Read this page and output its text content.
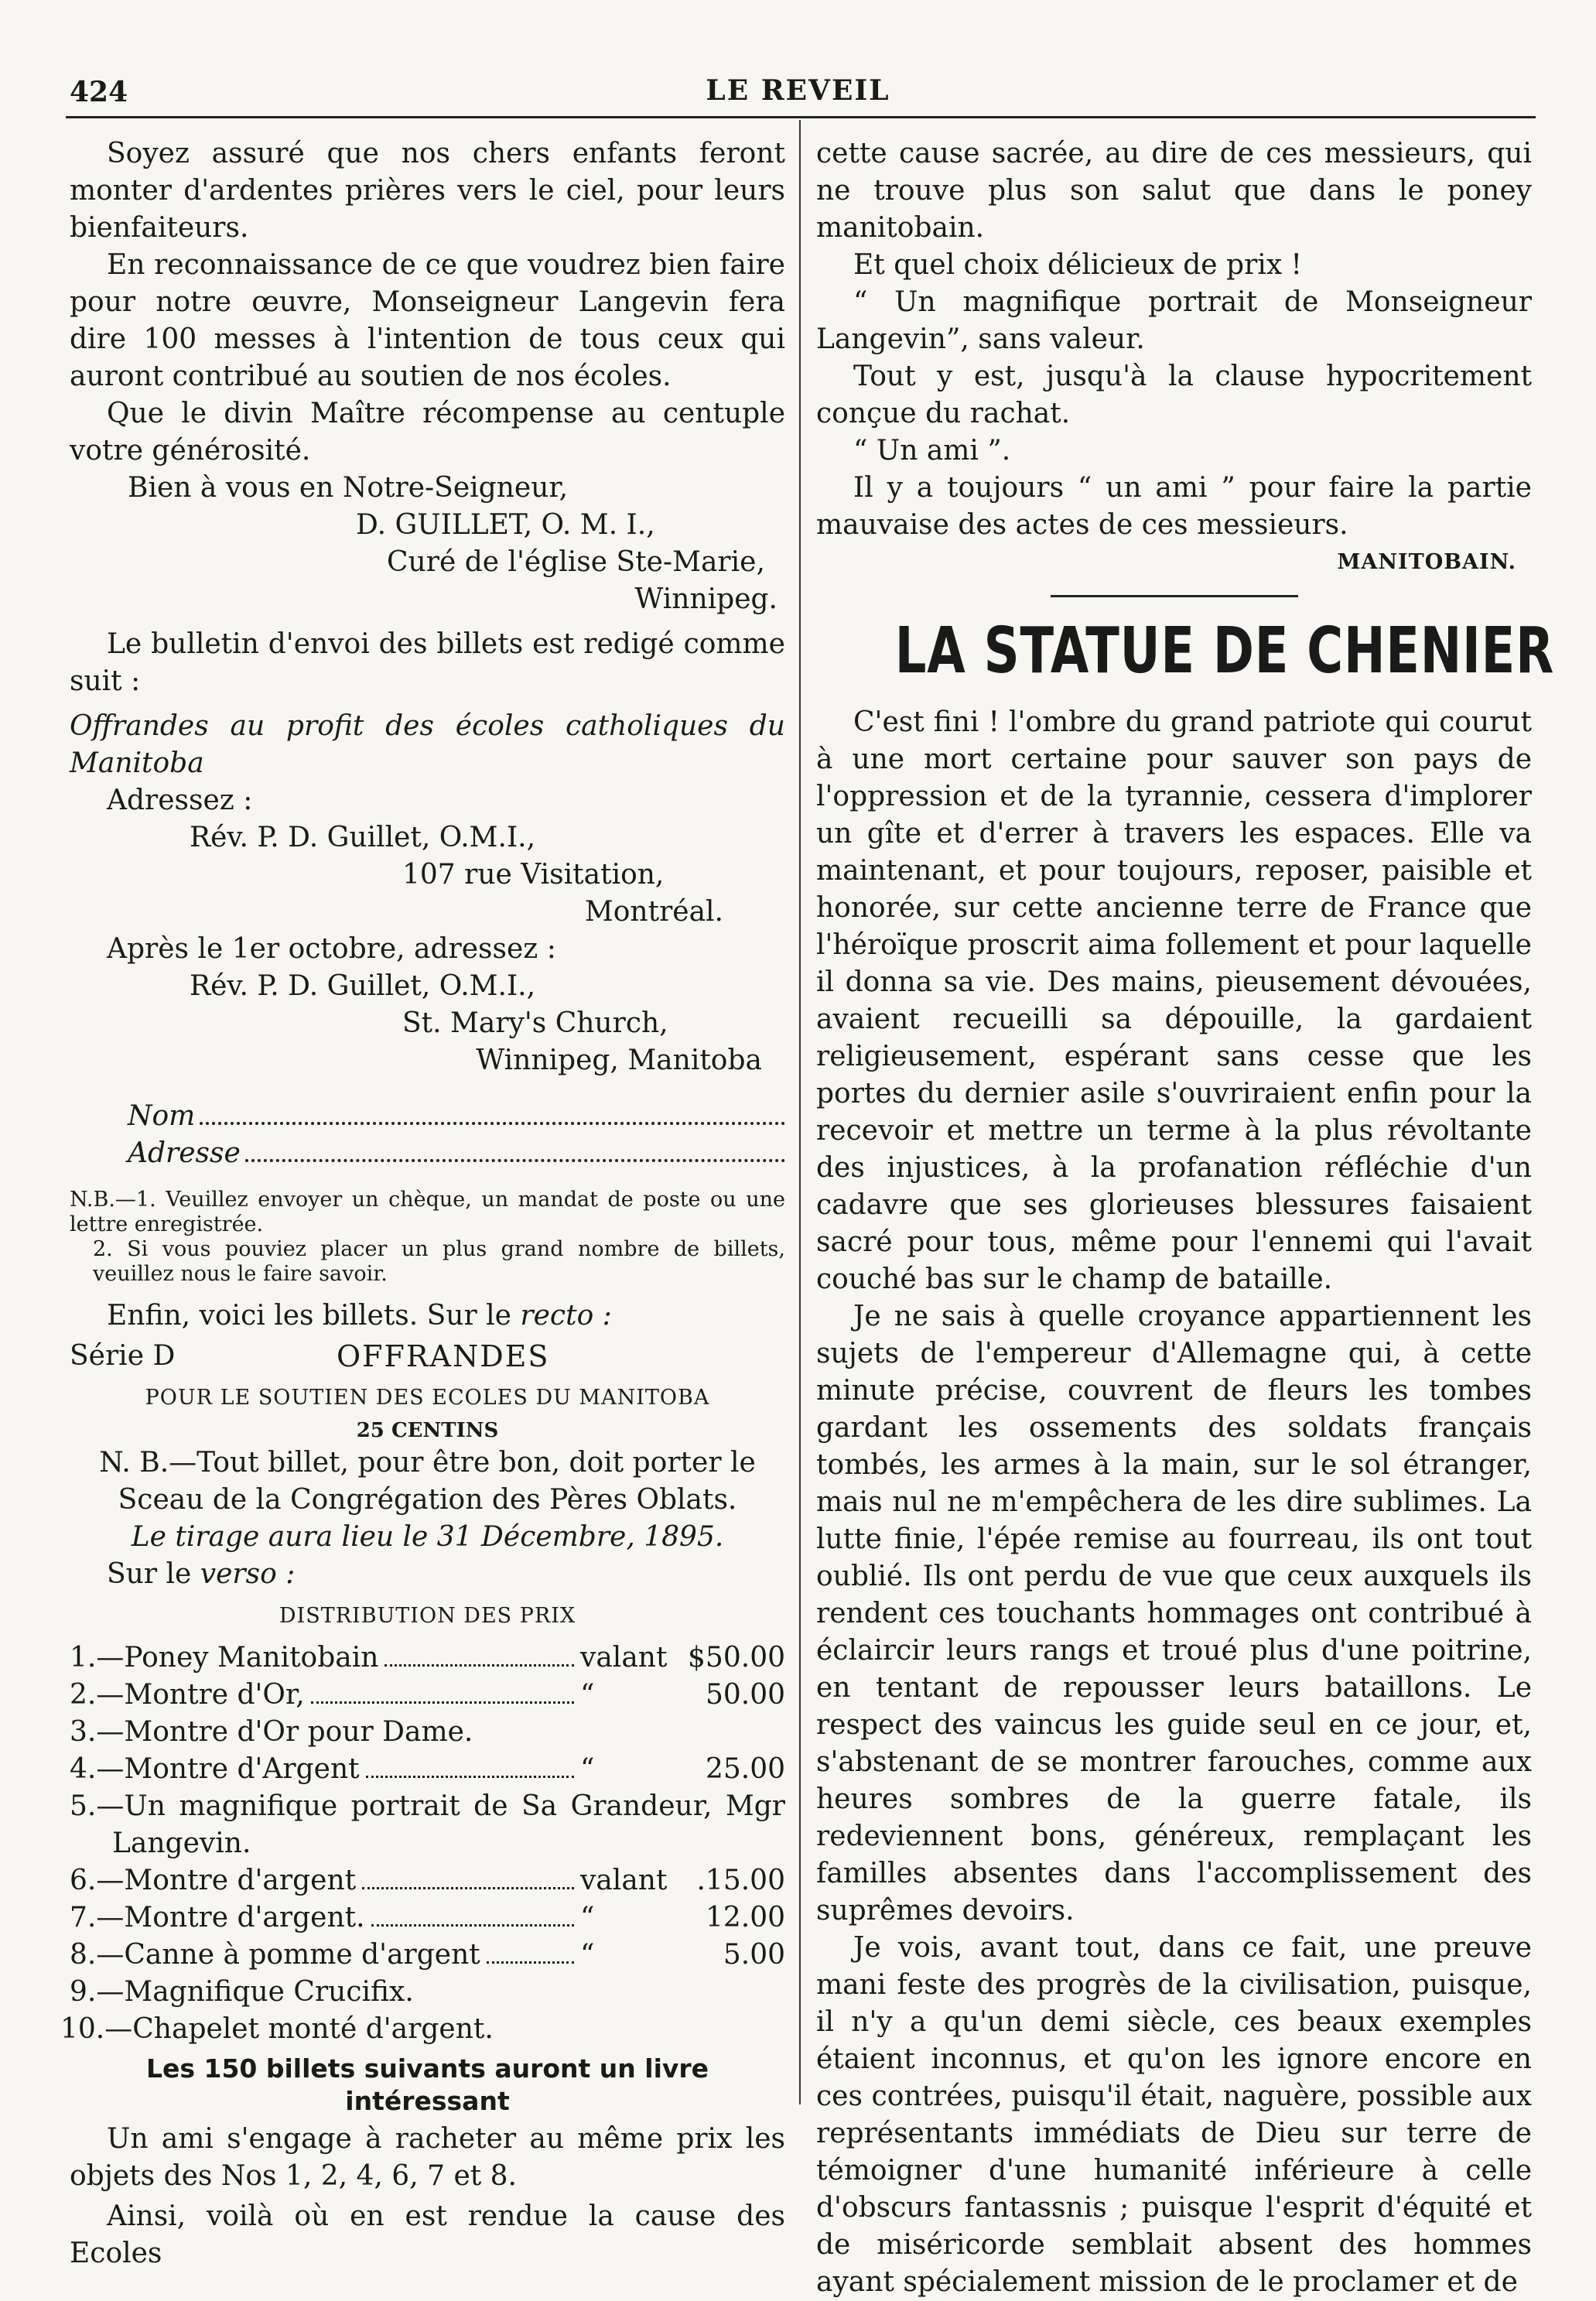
424	LE REVEIL

Soyez assuré que nos chers enfants feront monter d'ardentes prières vers le ciel, pour leurs bienfaiteurs.

En reconnaissance de ce que voudrez bien faire pour notre œuvre, Monseigneur Langevin fera dire 100 messes à l'intention de tous ceux qui auront contribué au soutien de nos écoles.

Que le divin Maître récompense au centuple votre générosité.

Bien à vous en Notre-Seigneur,

D. GUILLET, O. M. I.,

Curé de l'église Ste-Marie,

Winnipeg.

Le bulletin d'envoi des billets est redigé comme suit :

Offrandes au profit des écoles catholiques du Manitoba

Adressez :

Rév. P. D. Guillet, O.M.I.,

107 rue Visitation,

Montréal.

Après le 1er octobre, adressez :

Rév. P. D. Guillet, O.M.I.,

St. Mary's Church,

Winnipeg, Manitoba

Nom
Adresse

N.B.—1. Veuillez envoyer un chèque, un mandat de poste ou une lettre enregistrée.

2. Si vous pouviez placer un plus grand nombre de billets, veuillez nous le faire savoir.

Enfin, voici les billets. Sur le recto :

Série D	OFFRANDES

POUR LE SOUTIEN DES ECOLES DU MANITOBA

25 CENTINS

N. B.—Tout billet, pour être bon, doit porter le Sceau de la Congrégation des Pères Oblats.

Le tirage aura lieu le 31 Décembre, 1895.

Sur le verso :

DISTRIBUTION DES PRIX

1.—Poney Manitobain	valant $50.00
2.—Montre d'Or,	“	50.00
3.—Montre d'Or pour Dame.
4.—Montre d'Argent	“	25.00

5.—Un magnifique portrait de Sa Grandeur, Mgr Langevin.

6.—Montre d'argent	valant	.15.00
7.—Montre d'argent.	“	12.00
8.—Canne à pomme d'argent	“	5.00

9.—Magnifique Crucifix.

10.—Chapelet monté d'argent.

Les 150 billets suivants auront un livre intéressant

Un ami s'engage à racheter au même prix les objets des Nos 1, 2, 4, 6, 7 et 8.

Ainsi, voilà où en est rendue la cause des Ecoles

cette cause sacrée, au dire de ces messieurs, qui ne trouve plus son salut que dans le poney manitobain.

Et quel choix délicieux de prix !

“ Un magnifique portrait de Monseigneur Langevin”, sans valeur.

Tout y est, jusqu'à la clause hypocritement conçue du rachat.

“ Un ami ”.

Il y a toujours “ un ami ” pour faire la partie mauvaise des actes de ces messieurs.

MANITOBAIN.

LA STATUE DE CHENIER

C'est fini ! l'ombre du grand patriote qui courut à une mort certaine pour sauver son pays de l'oppression et de la tyrannie, cessera d'implorer un gîte et d'errer à travers les espaces. Elle va maintenant, et pour toujours, reposer, paisible et honorée, sur cette ancienne terre de France que l'héroïque proscrit aima follement et pour laquelle il donna sa vie. Des mains, pieusement dévouées, avaient recueilli sa dépouille, la gardaient religieusement, espérant sans cesse que les portes du dernier asile s'ouvriraient enfin pour la recevoir et mettre un terme à la plus révoltante des injustices, à la profanation réfléchie d'un cadavre que ses glorieuses blessures faisaient sacré pour tous, même pour l'ennemi qui l'avait couché bas sur le champ de bataille.

Je ne sais à quelle croyance appartiennent les sujets de l'empereur d'Allemagne qui, à cette minute précise, couvrent de fleurs les tombes gardant les ossements des soldats français tombés, les armes à la main, sur le sol étranger, mais nul ne m'empêchera de les dire sublimes. La lutte finie, l'épée remise au fourreau, ils ont tout oublié. Ils ont perdu de vue que ceux auxquels ils rendent ces touchants hommages ont contribué à éclaircir leurs rangs et troué plus d'une poitrine, en tentant de repousser leurs bataillons. Le respect des vaincus les guide seul en ce jour, et, s'abstenant de se montrer farouches, comme aux heures sombres de la guerre fatale, ils redeviennent bons, généreux, remplaçant les familles absentes dans l'accomplissement des suprêmes devoirs.

Je vois, avant tout, dans ce fait, une preuve mani feste des progrès de la civilisation, puisque, il n'y a qu'un demi siècle, ces beaux exemples étaient inconnus, et qu'on les ignore encore en ces contrées, puisqu'il était, naguère, possible aux représentants immédiats de Dieu sur terre de témoigner d'une humanité inférieure à celle d'obscurs fantassnis ; puisque l'esprit d'équité et de miséricorde semblait absent des hommes ayant spécialement mission de le proclamer et de
